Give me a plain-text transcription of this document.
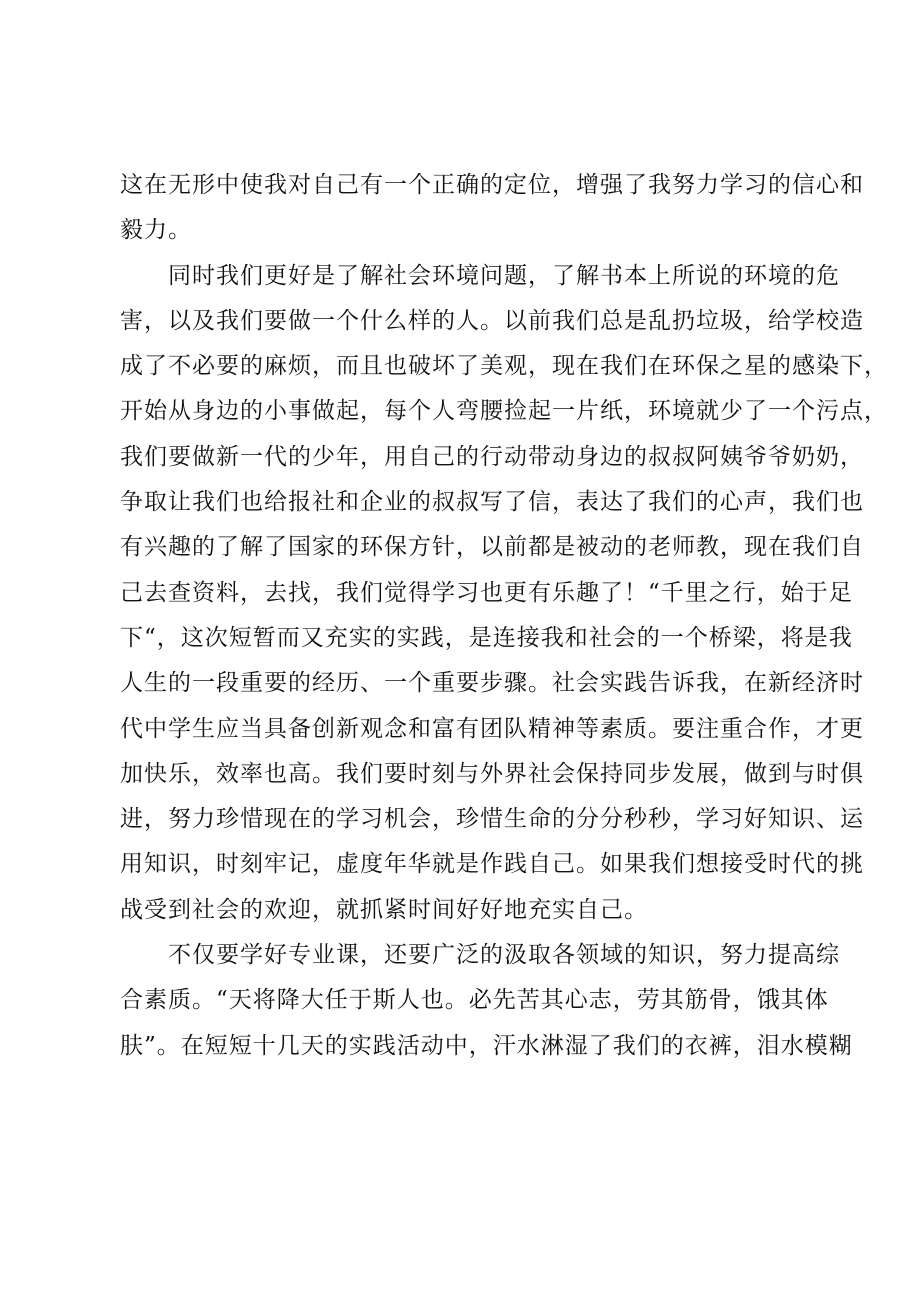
这在无形中使我对自己有一个正确的定位，增强了我努力学习的信心和
毅力。
同时我们更好是了解社会环境问题，了解书本上所说的环境的危
害，以及我们要做一个什么样的人。以前我们总是乱扔垃圾，给学校造
成了不必要的麻烦，而且也破坏了美观，现在我们在环保之星的感染下，
开始从身边的小事做起，每个人弯腰捡起一片纸，环境就少了一个污点，
我们要做新一代的少年，用自己的行动带动身边的叔叔阿姨爷爷奶奶，
争取让我们也给报社和企业的叔叔写了信，表达了我们的心声，我们也
有兴趣的了解了国家的环保方针，以前都是被动的老师教，现在我们自
己去查资料，去找，我们觉得学习也更有乐趣了！“千里之行，始于足
下“，这次短暂而又充实的实践，是连接我和社会的一个桥梁，将是我
人生的一段重要的经历、一个重要步骤。社会实践告诉我，在新经济时
代中学生应当具备创新观念和富有团队精神等素质。要注重合作，才更
加快乐，效率也高。我们要时刻与外界社会保持同步发展，做到与时俱
进，努力珍惜现在的学习机会，珍惜生命的分分秒秒，学习好知识、运
用知识，时刻牢记，虚度年华就是作践自己。如果我们想接受时代的挑
战受到社会的欢迎，就抓紧时间好好地充实自己。
不仅要学好专业课，还要广泛的汲取各领域的知识，努力提高综
合素质。“天将降大任于斯人也。必先苦其心志，劳其筋骨，饿其体
肤”。在短短十几天的实践活动中，汗水淋湿了我们的衣裤，泪水模糊
